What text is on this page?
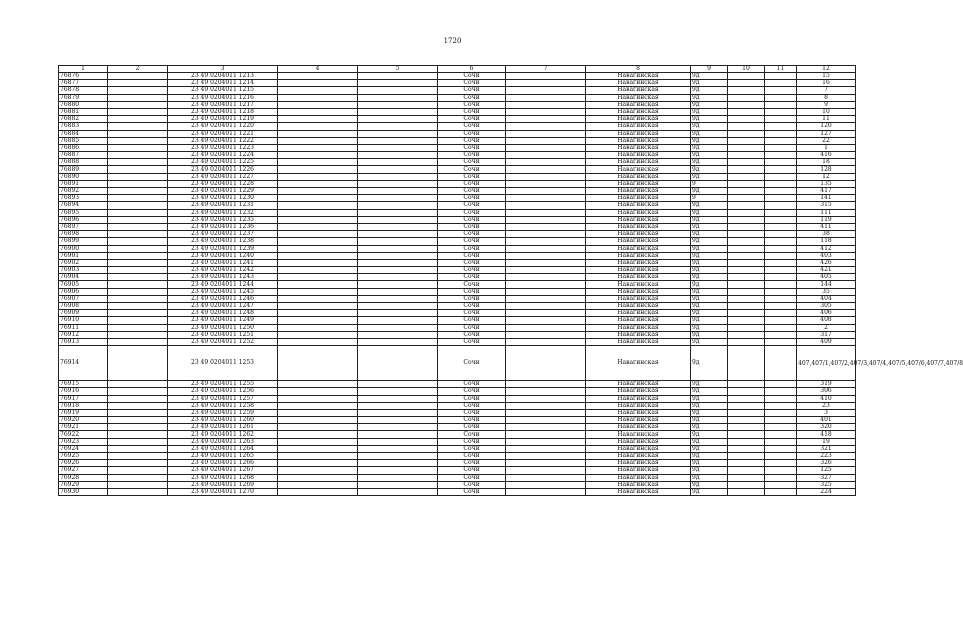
1720
1	2	3	4	5	6	7	8	9	10	11	12
76876		23 49 0204011 1213			Сочи		Навагинская	9д			15
76877		23 49 0204011 1214			Сочи		Навагинская	9д			16
76878		23 49 0204011 1215			Сочи		Навагинская	9д			7
76879		23 49 0204011 1216			Сочи		Навагинская	9д			8
76880		23 49 0204011 1217			Сочи		Навагинская	9д			9
76881		23 49 0204011 1218			Сочи		Навагинская	9д			10
76882		23 49 0204011 1219			Сочи		Навагинская	9д			11
76883		23 49 0204011 1220			Сочи		Навагинская	9д			120
76884		23 49 0204011 1221			Сочи		Навагинская	9д			127
76885		23 49 0204011 1222			Сочи		Навагинская	9д			22
76886		23 49 0204011 1223			Сочи		Навагинская	9д			1
76887		23 49 0204011 1224			Сочи		Навагинская	9д			416
76888		23 49 0204011 1225			Сочи		Навагинская	9д			18
76889		23 49 0204011 1226			Сочи		Навагинская	9д			128
76890		23 49 0204011 1227			Сочи		Навагинская	9д			12
76891		23 49 0204011 1228			Сочи		Навагинская	9			135
76892		23 49 0204011 1229			Сочи		Навагинская	9д			417
76893		23 49 0204011 1230			Сочи		Навагинская	9			141
76894		23 49 0204011 1231			Сочи		Навагинская	9д			315
76895		23 49 0204011 1232			Сочи		Навагинская	9д			111
76896		23 49 0204011 1235			Сочи		Навагинская	9д			119
76897		23 49 0204011 1236			Сочи		Навагинская	9д			411
76898		23 49 0204011 1237			Сочи		Навагинская	9д			38
76899		23 49 0204011 1238			Сочи		Навагинская	9д			118
76900		23 49 0204011 1239			Сочи		Навагинская	9д			412
76901		23 49 0204011 1240			Сочи		Навагинская	9д			403
76902		23 49 0204011 1241			Сочи		Навагинская	9д			426
76903		23 49 0204011 1242			Сочи		Навагинская	9д			421
76904		23 49 0204011 1243			Сочи		Навагинская	9д			405
76905		23 49 0204011 1244			Сочи		Навагинская	9д			144
76906		23 49 0204011 1245			Сочи		Навагинская	9д			35
76907		23 49 0204011 1246			Сочи		Навагинская	9д			404
76908		23 49 0204011 1247			Сочи		Навагинская	9д			305
76909		23 49 0204011 1248			Сочи		Навагинская	9д			406
76910		23 49 0204011 1249			Сочи		Навагинская	9д			408
76911		23 49 0204011 1250			Сочи		Навагинская	9д			2
76912		23 49 0204011 1251			Сочи		Навагинская	9д			317
76913		23 49 0204011 1252			Сочи		Навагинская	9д			409
76914		23 49 0204011 1253			Сочи		Навагинская	9д			407,407/1,407/2,407/3,407/4,407/5,407/6,407/7,407/8
76915		23 49 0204011 1255			Сочи		Навагинская	9д			319
76916		23 49 0204011 1256			Сочи		Навагинская	9д			306
76917		23 49 0204011 1257			Сочи		Навагинская	9д			410
76918		23 49 0204011 1258			Сочи		Навагинская	9д			23
76919		23 49 0204011 1259			Сочи		Навагинская	9д			3
76920		23 49 0204011 1260			Сочи		Навагинская	9д			401
76921		23 49 0204011 1261			Сочи		Навагинская	9д			320
76922		23 49 0204011 1262			Сочи		Навагинская	9д			418
76923		23 49 0204011 1263			Сочи		Навагинская	9д			19
76924		23 49 0204011 1264			Сочи		Навагинская	9д			321
76925		23 49 0204011 1265			Сочи		Навагинская	9д			223
76926		23 49 0204011 1266			Сочи		Навагинская	9д			326
76927		23 49 0204011 1267			Сочи		Навагинская	9д			125
76928		23 49 0204011 1268			Сочи		Навагинская	9д			327
76929		23 49 0204011 1269			Сочи		Навагинская	9д			325
76930		23 49 0204011 1270			Сочи		Навагинская	9д			224
